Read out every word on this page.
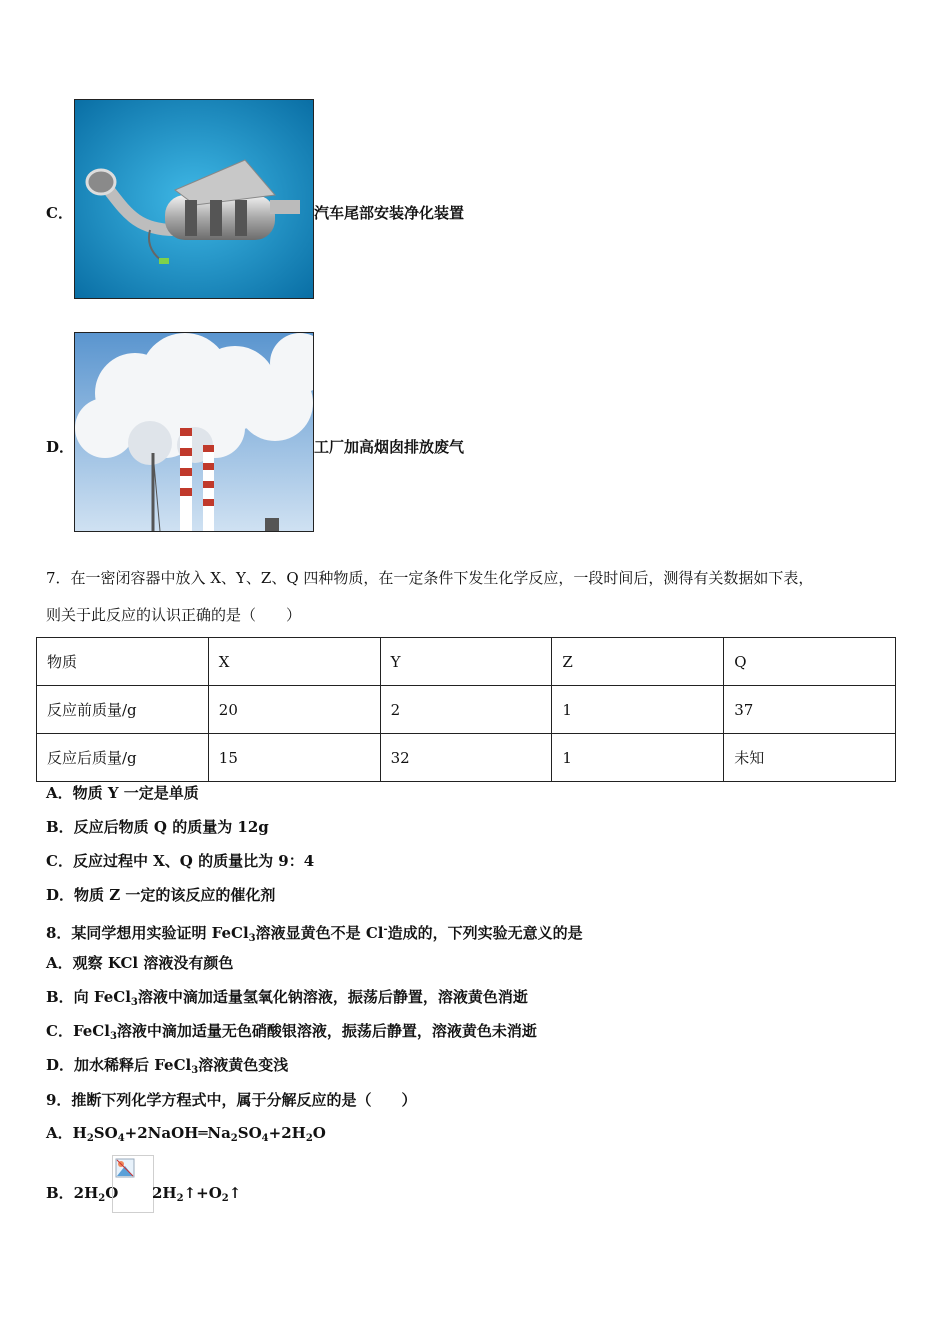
C．	汽车尾部安装净化装置
D．	工厂加高烟囱排放废气
7．在一密闭容器中放入 X、Y、Z、Q 四种物质，在一定条件下发生化学反应，一段时间后，测得有关数据如下表，
则关于此反应的认识正确的是（　　）
物质	X	Y	Z	Q
反应前质量/g	20	2	1	37
反应后质量/g	15	32	1	未知
A．物质 Y 一定是单质
B．反应后物质 Q 的质量为 12g
C．反应过程中 X、Q 的质量比为 9：4
D．物质 Z 一定的该反应的催化剂
8．某同学想用实验证明 FeCl$_3$溶液显黄色不是 Cl-造成的，下列实验无意义的是
A．观察 KCl 溶液没有颜色
B．向 FeCl$_3$溶液中滴加适量氢氧化钠溶液，振荡后静置，溶液黄色消逝
C．FeCl$_3$溶液中滴加适量无色硝酸银溶液，振荡后静置，溶液黄色未消逝
D．加水稀释后 FeCl$_3$溶液黄色变浅
9．推断下列化学方程式中，属于分解反应的是（　　）
A．$H_2SO_4+2NaOH═Na_2SO_4+2H_2O$
B．$2H_2O$ $2H_2↑+O_2↑$
